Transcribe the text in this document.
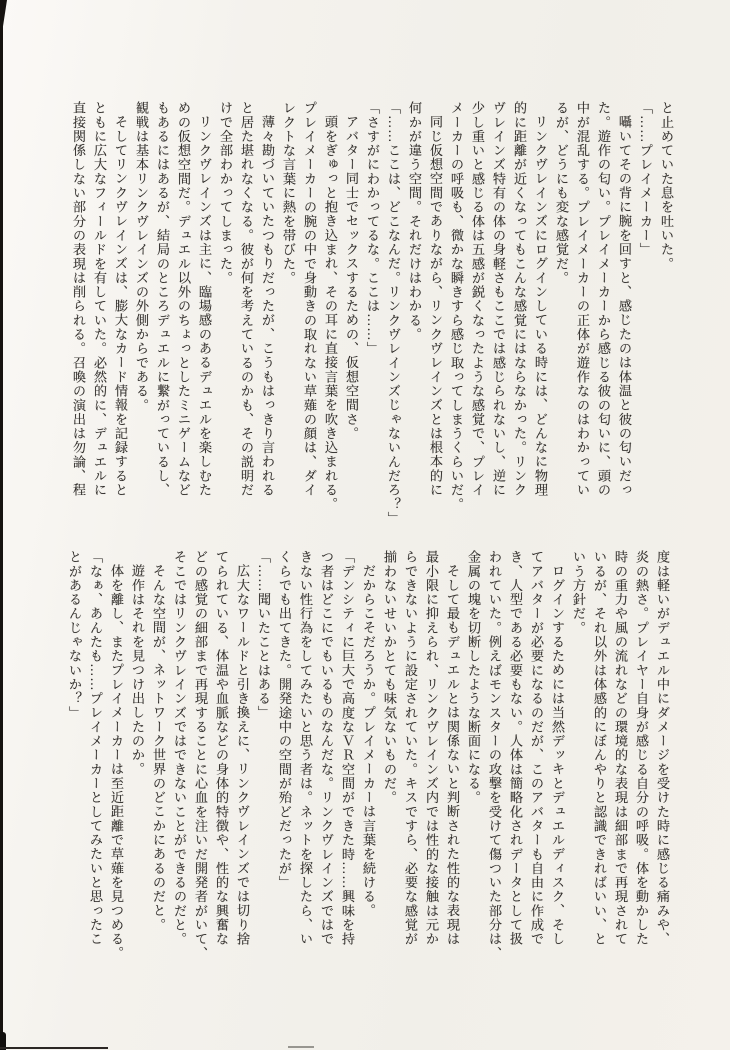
と止めていた息を吐いた。
「……プレイメーカー」
囁いてその背に腕を回すと、感じたのは体温と彼の匂いだっ
た。遊作の匂い。プレイメーカーから感じる彼の匂いに、頭の
中が混乱する。プレイメーカーの正体が遊作なのはわかってい
るが、どうにも変な感覚だ。
リンクヴレインズにログインしている時には、どんなに物理
的に距離が近くなってもこんな感覚にはならなかった。リンク
ヴレインズ特有の体の身軽さもここでは感じられないし、逆に
少し重いと感じる体は五感が鋭くなったような感覚で、プレイ
メーカーの呼吸も、微かな瞬きすら感じ取ってしまうくらいだ。
同じ仮想空間でありながら、リンクヴレインズとは根本的に
何かが違う空間。それだけはわかる。
「……ここは、どこなんだ。リンクヴレインズじゃないんだろ？」
「さすがにわかってるな。ここは……」
アバター同士でセックスするための、仮想空間さ。
頭をぎゅっと抱き込まれ、その耳に直接言葉を吹き込まれる。
プレイメーカーの腕の中で身動きの取れない草薙の顔は、ダイ
レクトな言葉に熱を帯びた。
薄々勘づいていたつもりだったが、こうもはっきり言われる
と居た堪れなくなる。彼が何を考えているのかも、その説明だ
けで全部わかってしまった。
リンクヴレインズは主に、臨場感のあるデュエルを楽しむた
めの仮想空間だ。デュエル以外のちょっとしたミニゲームなど
もあるにはあるが、結局のところデュエルに繋がっているし、
観戦は基本リンクヴレインズの外側からである。
そしてリンクヴレインズは、膨大なカード情報を記録すると
ともに広大なフィールドを有していた。必然的に、デュエルに
直接関係しない部分の表現は削られる。召喚の演出は勿論、程
度は軽いがデュエル中にダメージを受けた時に感じる痛みや、
炎の熱さ。プレイヤー自身が感じる自分の呼吸。体を動かした
時の重力や風の流れなどの環境的な表現は細部まで再現されて
いるが、それ以外は体感的にぼんやりと認識できればいい、と
いう方針だ。
ログインするためには当然デッキとデュエルディスク、そし
てアバターが必要になるのだが、このアバターも自由に作成で
き、人型である必要もない。人体は簡略化されデータとして扱
われていた。例えばモンスターの攻撃を受けて傷ついた部分は、
金属の塊を切断したような断面になる。
そして最もデュエルとは関係ないと判断された性的な表現は
最小限に抑えられ、リンクヴレインズ内では性的な接触は元か
らできないように設定されていた。キスですら、必要な感覚が
揃わないせいかとても味気ないものだ。
だからこそだろうか。プレイメーカーは言葉を続ける。
「デンシティに巨大で高度なＶＲ空間ができた時……興味を持
つ者はどこにでもいるものなんだな。リンクヴレインズではで
きない性行為をしてみたいと思う者は。ネットを探したら、い
くらでも出てきた。開発途中の空間が殆どだったが」
「……聞いたことはある」
広大なワールドと引き換えに、リンクヴレインズでは切り捨
てられている、体温や血脈などの身体的特徴や、性的な興奮な
どの感覚の細部まで再現することに心血を注いだ開発者がいて、
そこではリンクヴレインズではできないことができるのだと。
そんな空間が、ネットワーク世界のどこかにあるのだと。
遊作はそれを見つけ出したのか。
体を離し、またプレイメーカーは至近距離で草薙を見つめる。
「なぁ、あんたも……プレイメーカーとしてみたいと思ったこ
とがあるんじゃないか？」
